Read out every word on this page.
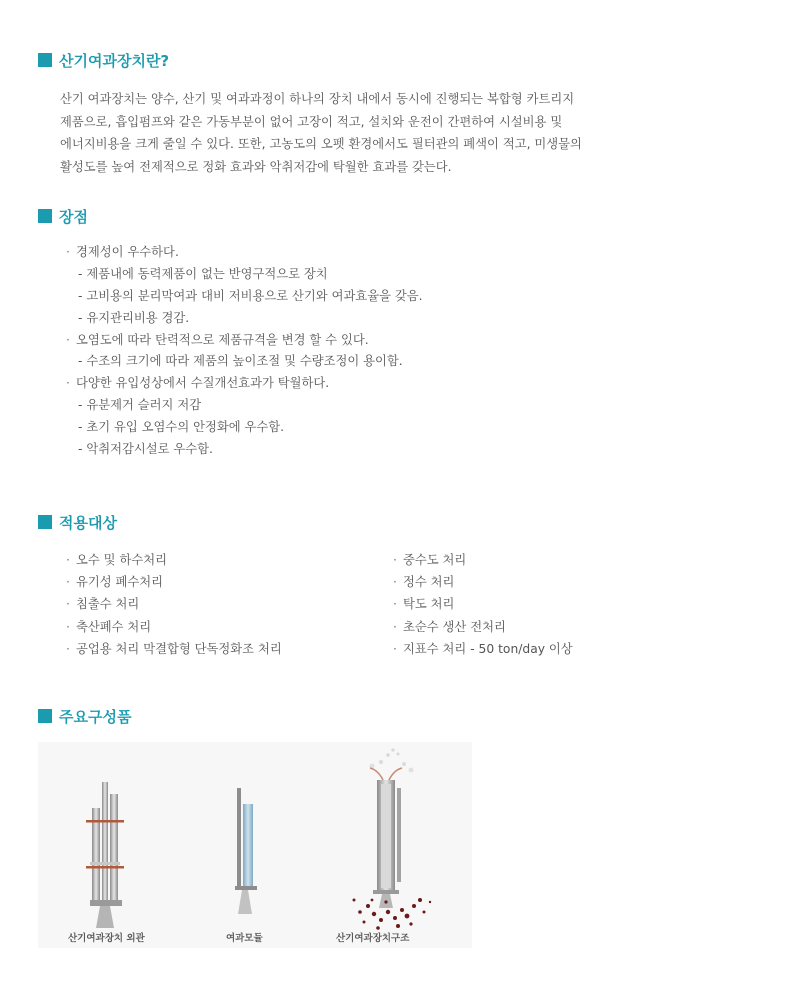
산기여과장치란?

산기 여과장치는 양수, 산기 및 여과과정이 하나의 장치 내에서 동시에 진행되는 복합형 카트리지

제품으로, 흡입펌프와 같은 가동부분이 없어 고장이 적고, 설치와 운전이 간편하여 시설비용 및

에너지비용을 크게 줄일 수 있다. 또한, 고농도의 오펫 환경에서도 필터관의 폐색이 적고, 미생물의

활성도를 높여 전제적으로 정화 효과와 악취저감에 탁월한 효과를 갖는다.

장점
· 경제성이 우수하다.
- 제품내에 동력제품이 없는 반영구적으로 장치
- 고비용의 분리막여과 대비 저비용으로 산기와 여과효율을 갖음.
- 유지관리비용 경감.
· 오염도에 따라 탄력적으로 제품규격을 변경 할 수 있다.
- 수조의 크기에 따라 제품의 높이조절 및 수량조정이 용이함.
· 다양한 유입성상에서 수질개선효과가 탁월하다.
- 유분제거 슬러지 저감
- 초기 유입 오염수의 안정화에 우수함.
- 악취저감시설로 우수함.
적용대상
· 오수 및 하수처리
· 유기성 폐수처리
· 침출수 처리
· 축산폐수 처리
· 공업용 처리 막결합형 단독정화조 처리
· 중수도 처리
· 정수 처리
· 탁도 처리
· 초순수 생산 전처리
· 지표수 처리 - 50 ton/day 이상
주요구성품
산기여과장치 외관	여과모듈	산기여과장치구조
